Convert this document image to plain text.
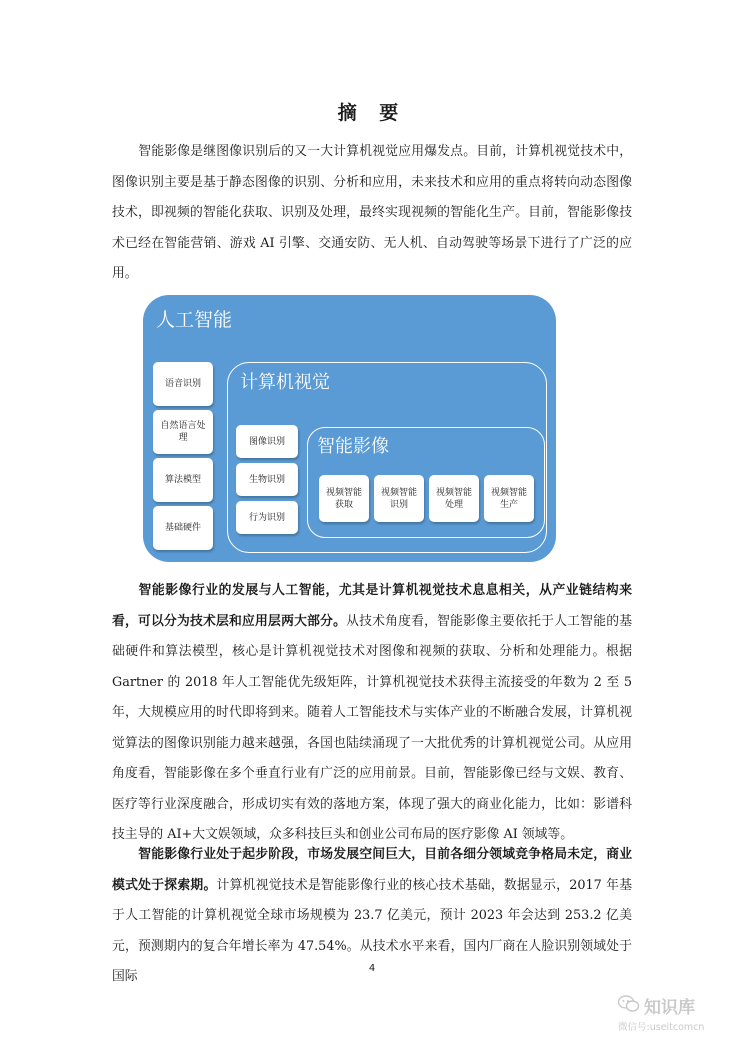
摘 要
智能影像是继图像识别后的又一大计算机视觉应用爆发点。目前，计算机视觉技术中，图像识别主要是基于静态图像的识别、分析和应用，未来技术和应用的重点将转向动态图像技术，即视频的智能化获取、识别及处理，最终实现视频的智能化生产。目前，智能影像技术已经在智能营销、游戏 AI 引擎、交通安防、无人机、自动驾驶等场景下进行了广泛的应用。
人工智能
语音识别
自然语言处理
算法模型
基础硬件
计算机视觉
图像识别
生物识别
行为识别
智能影像
视频智能获取
视频智能识别
视频智能处理
视频智能生产
智能影像行业的发展与人工智能，尤其是计算机视觉技术息息相关，从产业链结构来看，可以分为技术层和应用层两大部分。从技术角度看，智能影像主要依托于人工智能的基础硬件和算法模型，核心是计算机视觉技术对图像和视频的获取、分析和处理能力。根据 Gartner 的 2018 年人工智能优先级矩阵，计算机视觉技术获得主流接受的年数为 2 至 5 年，大规模应用的时代即将到来。随着人工智能技术与实体产业的不断融合发展，计算机视觉算法的图像识别能力越来越强，各国也陆续涌现了一大批优秀的计算机视觉公司。从应用角度看，智能影像在多个垂直行业有广泛的应用前景。目前，智能影像已经与文娱、教育、医疗等行业深度融合，形成切实有效的落地方案，体现了强大的商业化能力，比如：影谱科技主导的 AI+大文娱领域，众多科技巨头和创业公司布局的医疗影像 AI 领域等。
智能影像行业处于起步阶段，市场发展空间巨大，目前各细分领域竞争格局未定，商业模式处于探索期。计算机视觉技术是智能影像行业的核心技术基础，数据显示，2017 年基于人工智能的计算机视觉全球市场规模为 23.7 亿美元，预计 2023 年会达到 253.2 亿美元，预测期内的复合年增长率为 47.54%。从技术水平来看，国内厂商在人脸识别领域处于国际
4
知识库
微信号:useitcomcn
